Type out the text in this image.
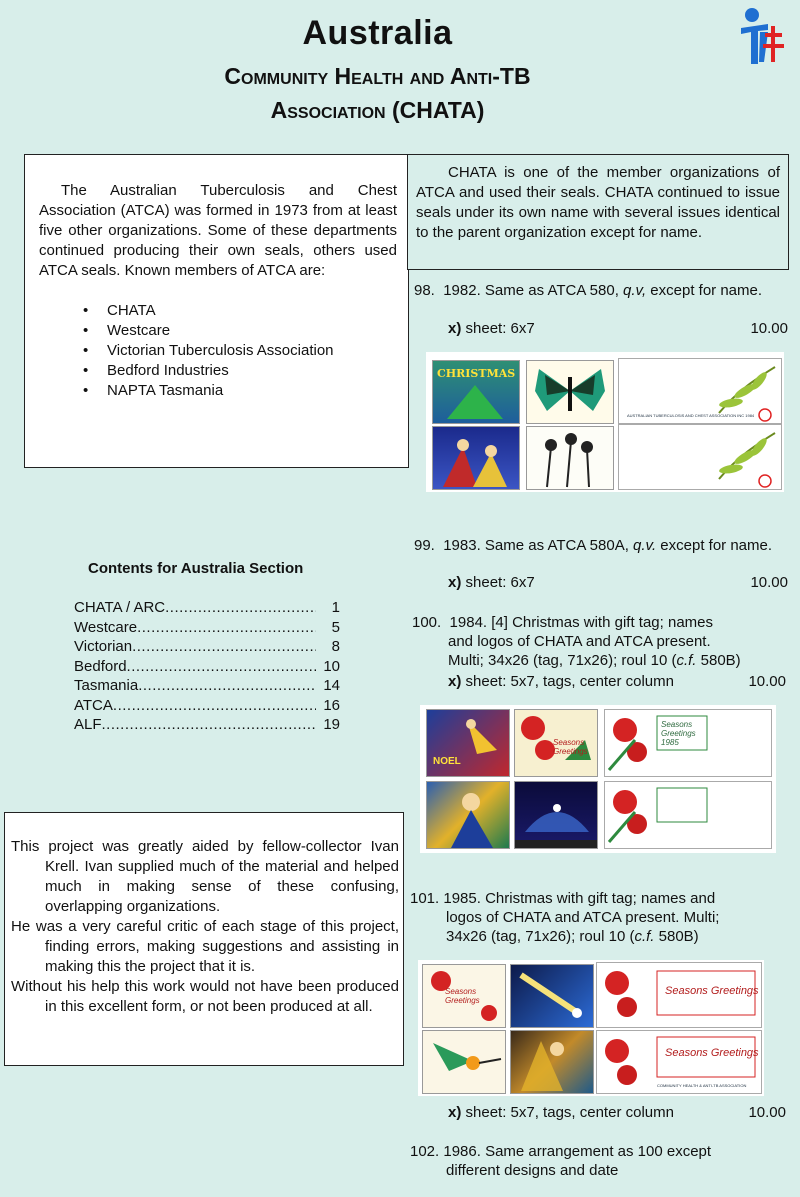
Australia
Community Health and Anti-TB
Association (CHATA)
The Australian Tuberculosis and Chest Association (ATCA) was formed in 1973 from at least five other organizations. Some of these departments continued producing their own seals, others used ATCA seals. Known members of ATCA are:
• CHATA
• Westcare
• Victorian Tuberculosis Association
• Bedford Industries
• NAPTA Tasmania
CHATA is one of the member organizations of ATCA and used their seals. CHATA continued to issue seals under its own name with several issues identical to the parent organization except for name.
98. 1982. Same as ATCA 580, q.v, except for name.
x) sheet: 6x7	10.00
CHRISTMAS
AUSTRALIAN TUBERCULOSIS AND CHEST ASSOCIATION INC 1984
99. 1983. Same as ATCA 580A, q.v. except for name.
x) sheet: 6x7	10.00
100. 1984. [4] Christmas with gift tag; names
and logos of CHATA and ATCA present.
Multi; 34x26 (tag, 71x26); roul 10 (c.f. 580B)
x) sheet: 5x7, tags, center column	10.00
NOEL
Seasons Greetings
Seasons Greetings 1985
101. 1985. Christmas with gift tag; names and
logos of CHATA and ATCA present. Multi;
34x26 (tag, 71x26); roul 10 (c.f. 580B)
Seasons Greetings
Seasons Greetings
Seasons Greetings
COMMUNITY HEALTH & ANTI-TB ASSOCIATION
x) sheet: 5x7, tags, center column	10.00
102. 1986. Same arrangement as 100 except
different designs and date
Contents for Australia Section
CHATA / ARC .....	1
Westcare .....	5
Victorian .....	8
Bedford .....	10
Tasmania .....	14
ATCA .....	16
ALF .....	19

This project was greatly aided by fellow-collector Ivan Krell. Ivan supplied much of the material and helped much in making sense of these confusing, overlapping organizations.

He was a very careful critic of each stage of this project, finding errors, making suggestions and assisting in making this the project that it is.

Without his help this work would not have been produced in this excellent form, or not been produced at all.
